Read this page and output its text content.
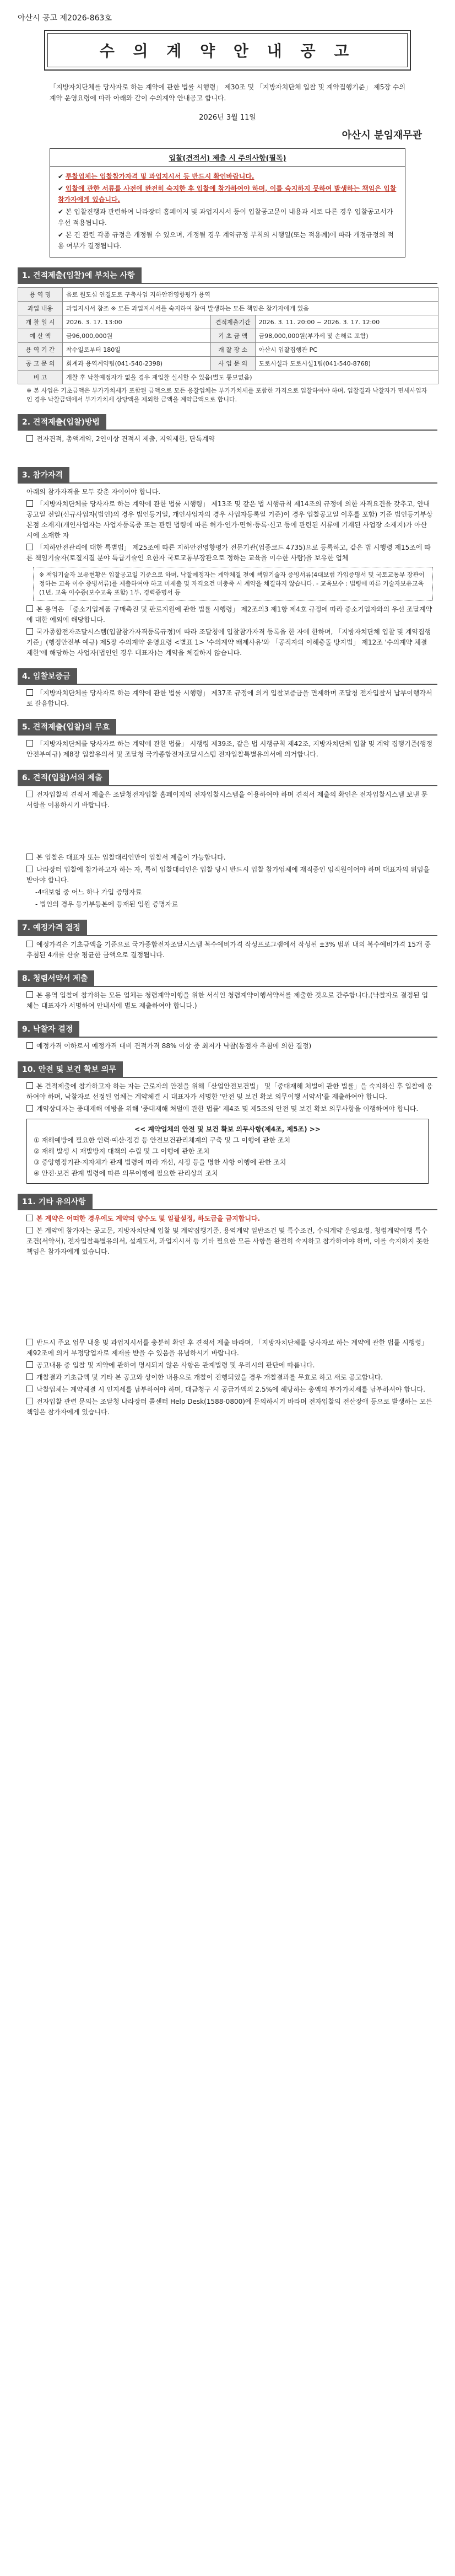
아산시 공고 제2026-863호
수 의 계 약 안 내 공 고
「지방자치단체를 당사자로 하는 계약에 관한 법률 시행령」 제30조 및 「지방자치단체 입찰 및 계약집행기준」 제5장 수의계약 운영요령에 따라 아래와 같이 수의계약 안내공고 합니다.
2026년 3월 11일
아산시 분임재무관
입찰(견적서) 제출 시 주의사항(필독)

✔ 투찰업체는 입찰참가자격 및 과업지시서 등 반드시 확인바랍니다.

✔ 입찰에 관한 서류를 사전에 완전히 숙지한 후 입찰에 참가하여야 하며, 이를 숙지하지 못하여 발생하는 책임은 입찰참가자에게 있습니다.

✔ 본 입찰진행과 관련하여 나라장터 홈페이지 및 과업지시서 등이 입찰공고문이 내용과 서로 다른 경우 입찰공고서가 우선 적용됩니다.

✔ 본 건 관련 각종 규정은 개정될 수 있으며, 개정될 경우 계약규정 부칙의 시행일(또는 적용례)에 따라 개정규정의 적용 여부가 결정됩니다.

1. 견적제출(입찰)에 부치는 사항
용 역 명	읍로 원도심 연결도로 구축사업 지하안전영향평가 용역		
과업 내용	과업지시서 참조 ※ 모든 과업지시서를 숙지하여 참여 발생하는 모든 책임은 참가자에게 있음		
개 찰 일 시	2026. 3. 17. 13:00	견적제출기간	2026. 3. 11. 20:00 ~ 2026. 3. 17. 12:00
예 산 액	금96,000,000원	기 초 금 액	금98,000,000원(부가세 및 손해료 포함)
용 역 기 간	착수일로부터 180일	개 찰 장 소	아산시 입찰집행관 PC
공 고 문 의	회계과 용역계약팀(041-540-2398)	사 업 문 의	도로시설과 도로시설1팀(041-540-8768)
비 고	개찰 후 낙찰예정자가 없을 경우 재입찰 실시할 수 있음(별도 통보없음)		
※ 본 사업은 기초금액은 부가가치세가 포함된 금액으로 모든 응찰업체는 부가가치세를 포함한 가격으로 입찰하여야 하며, 입찰결과 낙찰자가 면세사업자인 경우 낙찰금액에서 부가가치세 상당액을 제외한 금액을 계약금액으로 합니다.
2. 견적제출(입찰)방법

전자견적, 총액계약, 2인이상 견적서 제출, 지역제한, 단독계약

3. 참가자격

아래의 참가자격을 모두 갖춘 자이어야 합니다.

「지방자치단체를 당사자로 하는 계약에 관한 법률 시행령」 제13조 및 같은 법 시행규칙 제14조의 규정에 의한 자격요건을 갖추고, 안내공고일 전일(신규사업자(법인)의 경우 법인등기일, 개인사업자의 경우 사업자등록일 기준)이 경우 입찰공고일 이후를 포함) 기준 법인등기부상 본점 소재지(개인사업자는 사업자등록증 또는 관련 법령에 따른 허가·인가·면허·등록·신고 등에 관련된 서류에 기재된 사업장 소재지)가 아산시에 소재한 자

「지하안전관리에 대한 특별법」 제25조에 따른 지하안전영향평가 전문기관(업종코드 4735)으로 등록하고, 같은 법 시행령 제15조에 따른 책임기술자(토질지질 분야 특급기술인 요한자 국토교통부장관으로 정하는 교육을 이수한 사람)을 보유한 업체

※ 책임기술자 보유현황은 입찰공고일 기준으로 하며, 낙찰예정자는 계약체결 전에 책임기술자 증빙서류(4대보험 가입증명서 및 국토교통부 장관이 정하는 교육 이수 증빙서류)를 제출하여야 하고 미제출 및 자격요건 미충족 시 계약을 체결하지 않습니다. - 교육보수 : 법령에 따른 기술자보유교육(1년, 교육 이수증(보수교육 포함) 1부, 경력증명서 등

본 용역은 「중소기업제품 구매촉진 및 판로지원에 관한 법률 시행령」 제2조의3 제1항 제4호 규정에 따라 중소기업자와의 우선 조달계약에 대한 예외에 해당합니다.

국가종합전자조달시스템(입찰참가자격등록규정)에 따라 조달청에 입찰참가자격 등록을 한 자에 한하며, 「지방자치단체 입찰 및 계약집행기준」(행정안전부 예규) 제5장 수의계약 운영요령 <별표 1> '수의계약 배제사유'와 「공직자의 이해충돌 방지법」 제12조 '수의계약 체결 제한'에 해당하는 사업자(법인인 경우 대표자)는 계약을 체결하지 않습니다.

4. 입찰보증금

「지방자치단체를 당사자로 하는 계약에 관한 법률 시행령」 제37조 규정에 의거 입찰보증금을 면제하며 조달청 전자입찰서 납부이행각서로 갈음합니다.

5. 견적제출(입찰)의 무효

「지방자치단체를 당사자로 하는 계약에 관한 법률」 시행령 제39조, 같은 법 시행규칙 제42조, 지방자치단체 입찰 및 계약 집행기준(행정안전부예규) 제8장 입찰유의서 및 조달청 국가종합전자조달시스템 전자입찰특별유의서에 의거합니다.

6. 견적(입찰)서의 제출

전자입찰의 견적서 제출은 조달청전자입찰 홈페이지의 전자입찰시스템을 이용하여야 하며 견적서 제출의 확인은 전자입찰시스템 보낸 문서함을 이용하시기 바랍니다.

본 입찰은 대표자 또는 입찰대리인만이 입찰서 제출이 가능합니다.

나라장터 입찰에 참가하고자 하는 자, 특히 입찰대리인은 입찰 당시 반드시 입찰 참가업체에 재직중인 임직원이어야 하며 대표자의 위임을 받아야 합니다.

-4대보험 중 어느 하나 가입 증명자료

- 법인의 경우 등기부등본에 등재된 임원 증명자료

7. 예정가격 결정

예정가격은 기초금액을 기준으로 국가종합전자조달시스템 복수예비가격 작성프로그램에서 작성된 ±3% 범위 내의 복수예비가격 15개 중 추첨된 4개를 산술 평균한 금액으로 결정됩니다.

8. 청렴서약서 제출

본 용역 입찰에 참가하는 모든 업체는 청렴계약이행을 위한 서식인 청렴계약이행서약서를 제출한 것으로 간주합니다.(낙찰자로 결정된 업체는 대표자가 서명하여 안내서에 별도 제출하여야 합니다.)

9. 낙찰자 결정

예정가격 이하로서 예정가격 대비 견적가격 88% 이상 중 최저가 낙찰(동점자 추첨에 의한 결정)

10. 안전 및 보건 확보 의무

본 견적제출에 참가하고자 하는 자는 근로자의 안전을 위해「산업안전보건법」 및「중대재해 처벌에 관한 법률」을 숙지하신 후 입찰에 응하여야 하며, 낙찰자로 선정된 업체는 계약체결 시 대표자가 서명한 '안전 및 보건 확보 의무이행 서약서'를 제출하여야 합니다.

계약상대자는 중대재해 예방을 위해 '중대재해 처벌에 관한 법률' 제4조 및 제5조의 안전 및 보건 확보 의무사항을 이행하여야 합니다.

<< 계약업체의 안전 및 보건 확보 의무사항(제4조, 제5조) >>
① 재해예방에 필요한 인력·예산·점검 등 안전보건관리체계의 구축 및 그 이행에 관한 조치
② 재해 발생 시 재발방지 대책의 수립 및 그 이행에 관한 조치
③ 중앙행정기관·지자체가 관계 법령에 따라 개선, 시정 등을 명한 사항 이행에 관한 조치
④ 안전·보건 관계 법령에 따른 의무이행에 필요한 관리상의 조치
11. 기타 유의사항

본 계약은 어떠한 경우에도 계약의 양수도 및 일괄설정, 하도급을 금지합니다.

본 계약에 참가자는 공고문, 지방자치단체 입찰 및 계약집행기준, 용역계약 일반조건 및 특수조건, 수의계약 운영요령, 청렴계약이행 특수조건(서약서), 전자입찰특별유의서, 설계도서, 과업지시서 등 기타 필요한 모든 사항을 완전히 숙지하고 참가하여야 하며, 이를 숙지하지 못한 책임은 참가자에게 있습니다.

반드시 주요 업무 내용 및 과업지시서를 충분히 확인 후 견적서 제출 바라며, 「지방자치단체를 당사자로 하는 계약에 관한 법률 시행령」 제92조에 의거 부정당업자로 제재를 받을 수 있음을 유념하시기 바랍니다.

공고내용 중 입찰 및 계약에 관하여 명시되지 않은 사항은 관계법령 및 우리시의 판단에 따릅니다.

개찰결과 기초금액 및 기타 본 공고와 상이한 내용으로 개찰이 진행되었을 경우 개찰결과를 무효로 하고 새로 공고합니다.

낙찰업체는 계약체결 시 인지세를 납부하여야 하며, 대금청구 시 공급가액의 2.5%에 해당하는 총액의 부가가치세를 납부하셔야 합니다.

전자입찰 관련 문의는 조달청 나라장터 콜센터 Help Desk(1588-0800)에 문의하시기 바라며 전자입찰의 전산장애 등으로 발생하는 모든 책임은 참가자에게 있습니다.
